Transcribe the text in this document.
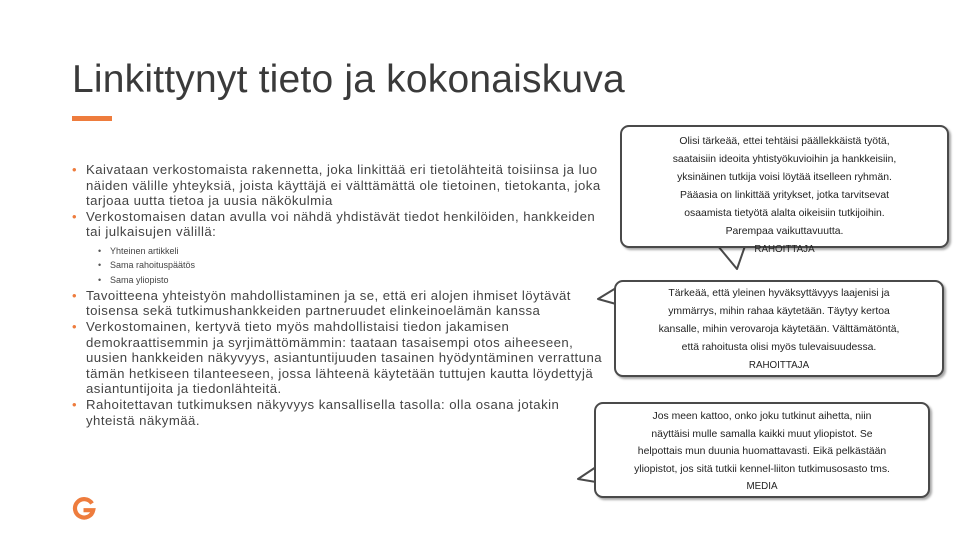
Linkittynyt tieto ja kokonaiskuva

• Kaivataan verkostomaista rakennetta, joka linkittää eri tietolähteitä toisiinsa ja luo näiden välille yhteyksiä, joista käyttäjä ei välttämättä ole tietoinen, tietokanta, joka tarjoaa uutta tietoa ja uusia näkökulmia

• Verkostomaisen datan avulla voi nähdä yhdistävät tiedot henkilöiden, hankkeiden tai julkaisujen välillä:

• Yhteinen artikkeli
• Sama rahoituspäätös
• Sama yliopisto

• Tavoitteena yhteistyön mahdollistaminen ja se, että eri alojen ihmiset löytävät toisensa sekä tutkimushankkeiden partneruudet elinkeinoelämän kanssa

• Verkostomainen, kertyvä tieto myös mahdollistaisi tiedon jakamisen demokraattisemmin ja syrjimättömämmin: taataan tasaisempi otos aiheeseen, uusien hankkeiden näkyvyys, asiantuntijuuden tasainen hyödyntäminen verrattuna tämän hetkiseen tilanteeseen, jossa lähteenä käytetään tuttujen kautta löydettyjä asiantuntijoita ja tiedonlähteitä.

• Rahoitettavan tutkimuksen näkyvyys kansallisella tasolla: olla osana jotakin yhteistä näkymää.

Olisi tärkeää, ettei tehtäisi päällekkäistä työtä,
saataisiin ideoita yhtistyökuvioihin ja hankkeisiin,
yksinäinen tutkija voisi löytää itselleen ryhmän.
Pääasia on linkittää yritykset, jotka tarvitsevat
osaamista tietyötä alalta oikeisiin tutkijoihin.
Parempaa vaikuttavuutta.
RAHOITTAJA
Tärkeää, että yleinen hyväksyttävyys laajenisi ja
ymmärrys, mihin rahaa käytetään. Täytyy kertoa
kansalle, mihin verovaroja käytetään. Välttämätöntä,
että rahoitusta olisi myös tulevaisuudessa.
RAHOITTAJA
Jos meen kattoo, onko joku tutkinut aihetta, niin
näyttäisi mulle samalla kaikki muut yliopistot. Se
helpottais mun duunia huomattavasti. Eikä pelkästään
yliopistot, jos sitä tutkii kennel-liiton tutkimusosasto tms.
MEDIA
